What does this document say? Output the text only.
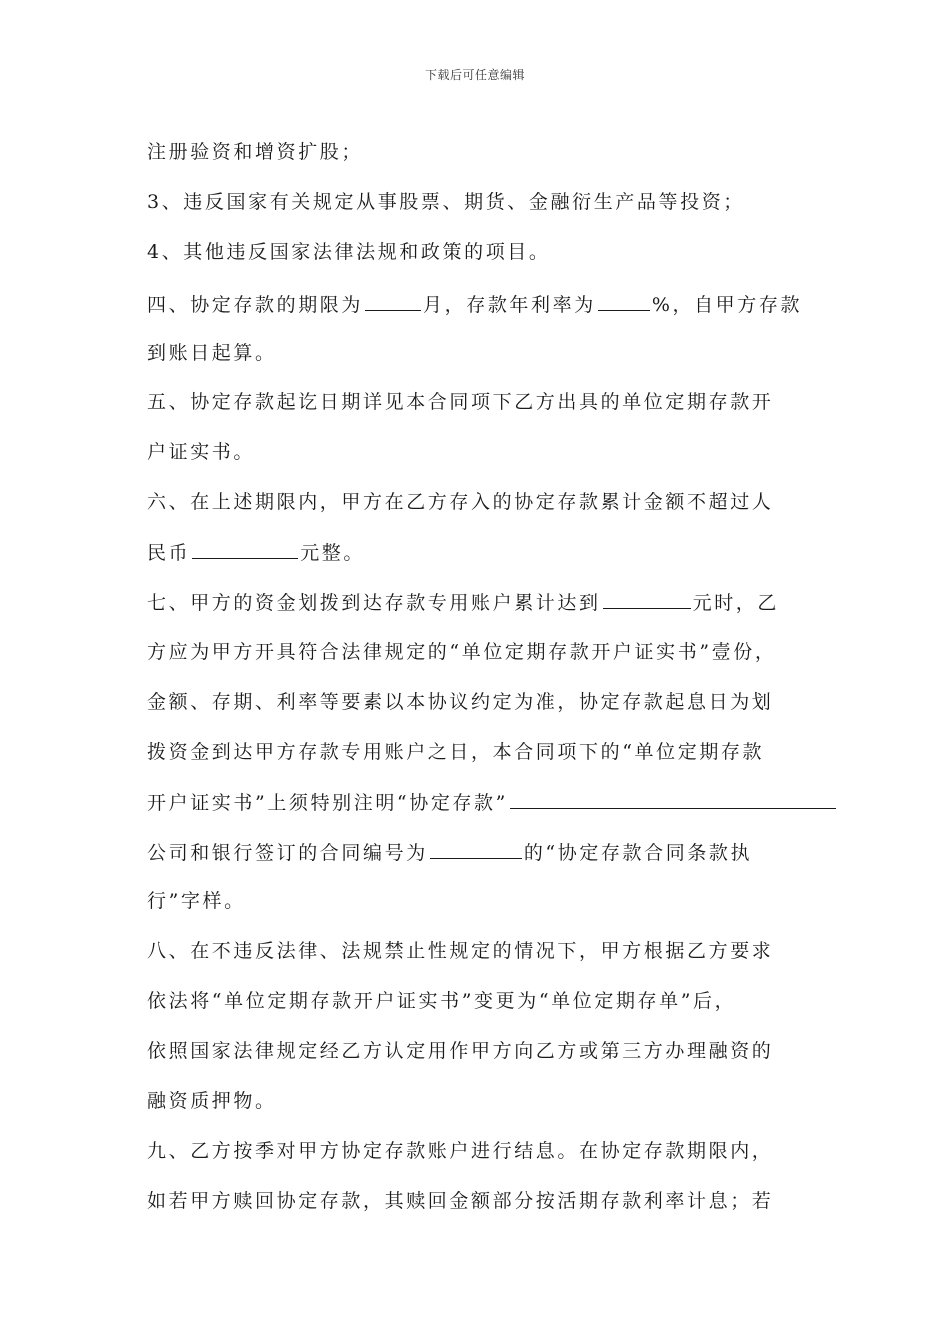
下载后可任意编辑
注册验资和增资扩股；
3、违反国家有关规定从事股票、期货、金融衍生产品等投资；
4、其他违反国家法律法规和政策的项目。
四、协定存款的期限为	月，存款年利率为	%，自甲方存款
到账日起算。
五、协定存款起讫日期详见本合同项下乙方出具的单位定期存款开
户证实书。
六、在上述期限内，甲方在乙方存入的协定存款累计金额不超过人
民币	元整。
七、甲方的资金划拨到达存款专用账户累计达到	元时，乙
方应为甲方开具符合法律规定的“单位定期存款开户证实书”壹份，
金额、存期、利率等要素以本协议约定为准，协定存款起息日为划
拨资金到达甲方存款专用账户之日，本合同项下的“单位定期存款
开户证实书”上须特别注明“协定存款”
公司和银行签订的合同编号为	的“协定存款合同条款执
行”字样。
八、在不违反法律、法规禁止性规定的情况下，甲方根据乙方要求
依法将“单位定期存款开户证实书”变更为“单位定期存单”后，
依照国家法律规定经乙方认定用作甲方向乙方或第三方办理融资的
融资质押物。
九、乙方按季对甲方协定存款账户进行结息。在协定存款期限内，
如若甲方赎回协定存款，其赎回金额部分按活期存款利率计息；若
